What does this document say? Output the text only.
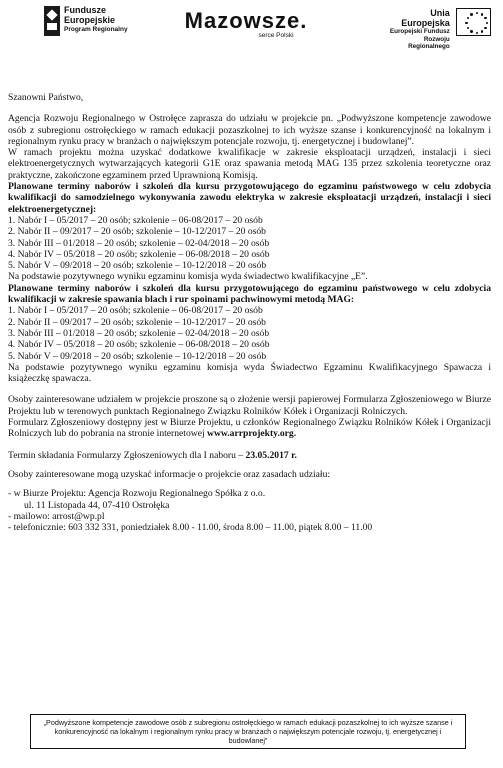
Fundusze
Europejskie
Program Regionalny	Mazowsze.
serce Polski
Unia Europejska
Europejski Fundusz
Rozwoju Regionalnego
Szanowni Państwo,
Agencja Rozwoju Regionalnego w Ostrołęce zaprasza do udziału w projekcie pn. „Podwyższone kompetencje zawodowe osób z subregionu ostrołęckiego w ramach edukacji pozaszkolnej to ich wyższe szanse i konkurencyjność na lokalnym i regionalnym rynku pracy w branżach o największym potencjale rozwoju, tj. energetycznej i budowlanej”.
W ramach projektu można uzyskać dodatkowe kwalifikacje w zakresie eksploatacji urządzeń, instalacji i sieci elektroenergetycznych wytwarzających kategorii G1E oraz spawania metodą MAG 135 przez szkolenia teoretyczne oraz praktyczne, zakończone egzaminem przed Uprawnioną Komisją.
Planowane terminy naborów i szkoleń dla kursu przygotowującego do egzaminu państwowego w celu zdobycia kwalifikacji do samodzielnego wykonywania zawodu elektryka w zakresie eksploatacji urządzeń, instalacji i sieci elektroenergetycznej:
1. Nabór I – 05/2017 – 20 osób; szkolenie – 06-08/2017 – 20 osób
2. Nabór II – 09/2017 – 20 osób; szkolenie – 10-12/2017 – 20 osób
3. Nabór III – 01/2018 – 20 osób; szkolenie – 02-04/2018 – 20 osób
4. Nabór IV – 05/2018 – 20 osób; szkolenie – 06-08/2018 – 20 osób
5. Nabór V – 09/2018 – 20 osób; szkolenie – 10-12/2018 – 20 osób
Na podstawie pozytywnego wyniku egzaminu komisja wyda świadectwo kwalifikacyjne „E”.
Planowane terminy naborów i szkoleń dla kursu przygotowującego do egzaminu państwowego w celu zdobycia kwalifikacji w zakresie spawania blach i rur spoinami pachwinowymi metodą MAG:
1. Nabór I – 05/2017 – 20 osób; szkolenie – 06-08/2017 – 20 osób
2. Nabór II – 09/2017 – 20 osób; szkolenie – 10-12/2017 – 20 osób
3. Nabór III – 01/2018 – 20 osób; szkolenie – 02-04/2018 – 20 osób
4. Nabór IV – 05/2018 – 20 osób; szkolenie – 06-08/2018 – 20 osób
5. Nabór V – 09/2018 – 20 osób; szkolenie – 10-12/2018 – 20 osób
Na podstawie pozytywnego wyniku egzaminu komisja wyda Świadectwo Egzaminu Kwalifikacyjnego Spawacza i książeczkę spawacza.
Osoby zainteresowane udziałem w projekcie proszone są o złożenie wersji papierowej Formularza Zgłoszeniowego w Biurze Projektu lub w terenowych punktach Regionalnego Związku Rolników Kółek i Organizacji Rolniczych.
Formularz Zgłoszeniowy dostępny jest w Biurze Projektu, u członków Regionalnego Związku Rolników Kółek i Organizacji Rolniczych lub do pobrania na stronie internetowej www.arrprojekty.org.
Termin składania Formularzy Zgłoszeniowych dla I naboru – 23.05.2017 r.
Osoby zainteresowane mogą uzyskać informacje o projekcie oraz zasadach udziału:
- w Biurze Projektu: Agencja Rozwoju Regionalnego Spółka z o.o.
ul. 11 Listopada 44, 07-410 Ostrołęka
- mailowo: arrost@wp.pl
- telefonicznie: 603 332 331, poniedziałek 8.00 - 11.00, środa 8.00 – 11.00, piątek 8.00 – 11.00
„Podwyższone kompetencje zawodowe osób z subregionu ostrołęckiego w ramach edukacji pozaszkolnej to ich wyższe szanse i konkurencyjność na lokalnym i regionalnym rynku pracy w branżach o największym potencjale rozwoju, tj. energetycznej i budowlanej”
